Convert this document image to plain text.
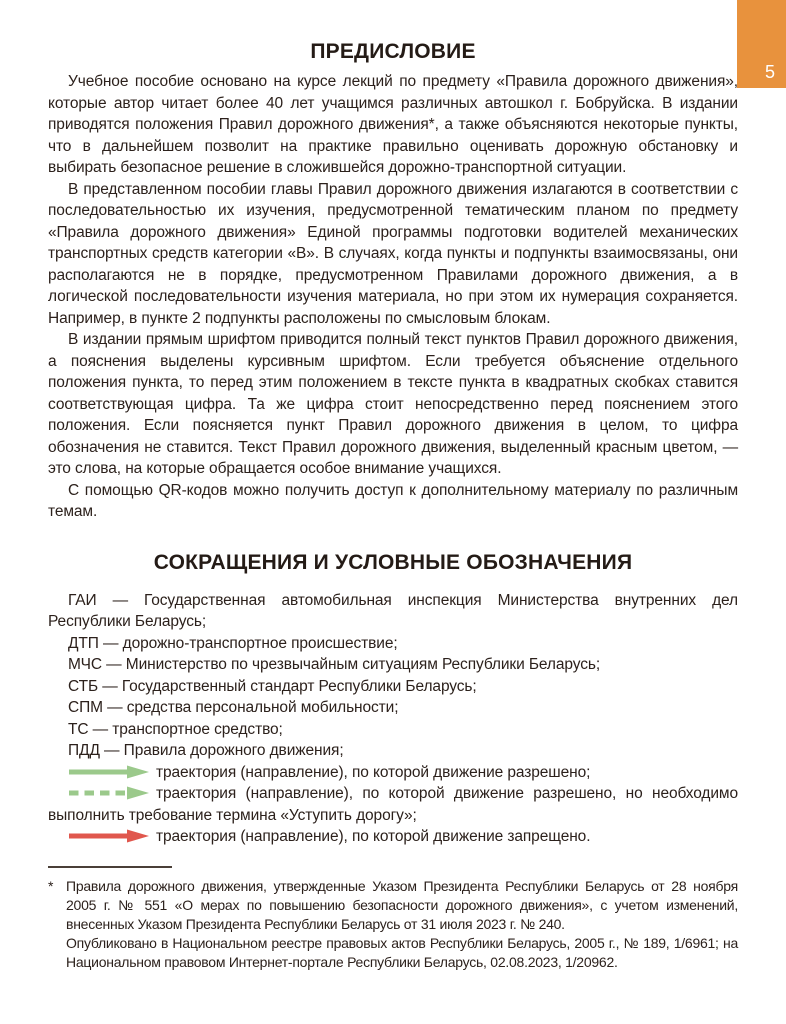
5
ПРЕДИСЛОВИЕ

Учебное пособие основано на курсе лекций по предмету «Правила дорожного движения», которые автор читает более 40 лет учащимся различных автошкол г. Бобруйска. В издании приводятся положения Правил дорожного движения*, а также объясняются некоторые пункты, что в дальнейшем позволит на практике правильно оценивать дорожную обстановку и выбирать безопасное решение в сложившейся дорожно-транспортной ситуации.

В представленном пособии главы Правил дорожного движения излагаются в соответствии с последовательностью их изучения, предусмотренной тематическим планом по предмету «Правила дорожного движения» Единой программы подготовки водителей механических транспортных средств категории «В». В случаях, когда пункты и подпункты взаимосвязаны, они располагаются не в порядке, предусмотренном Правилами дорожного движения, а в логической последовательности изучения материала, но при этом их нумерация сохраняется. Например, в пункте 2 подпункты расположены по смысловым блокам.

В издании прямым шрифтом приводится полный текст пунктов Правил дорожного движения, а пояснения выделены курсивным шрифтом. Если требуется объяснение отдельного положения пункта, то перед этим положением в тексте пункта в квадратных скобках ставится соответствующая цифра. Та же цифра стоит непосредственно перед пояснением этого положения. Если поясняется пункт Правил дорожного движения в целом, то цифра обозначения не ставится. Текст Правил дорожного движения, выделенный красным цветом, — это слова, на которые обращается особое внимание учащихся.

С помощью QR-кодов можно получить доступ к дополнительному материалу по различным темам.

СОКРАЩЕНИЯ И УСЛОВНЫЕ ОБОЗНАЧЕНИЯ

ГАИ — Государственная автомобильная инспекция Министерства внутренних дел Республики Беларусь;

ДТП — дорожно-транспортное происшествие;

МЧС — Министерство по чрезвычайным ситуациям Республики Беларусь;

СТБ — Государственный стандарт Республики Беларусь;

СПМ — средства персональной мобильности;

ТС — транспортное средство;

ПДД — Правила дорожного движения;

траектория (направление), по которой движение разрешено;

траектория (направление), по которой движение разрешено, но необходимо выполнить требование термина «Уступить дорогу»;

траектория (направление), по которой движение запрещено.

* Правила дорожного движения, утвержденные Указом Президента Республики Беларусь от 28 ноября 2005 г. № 551 «О мерах по повышению безопасности дорожного движения», с учетом изменений, внесенных Указом Президента Республики Беларусь от 31 июля 2023 г. № 240.

Опубликовано в Национальном реестре правовых актов Республики Беларусь, 2005 г., № 189, 1/6961; на Национальном правовом Интернет-портале Республики Беларусь, 02.08.2023, 1/20962.
